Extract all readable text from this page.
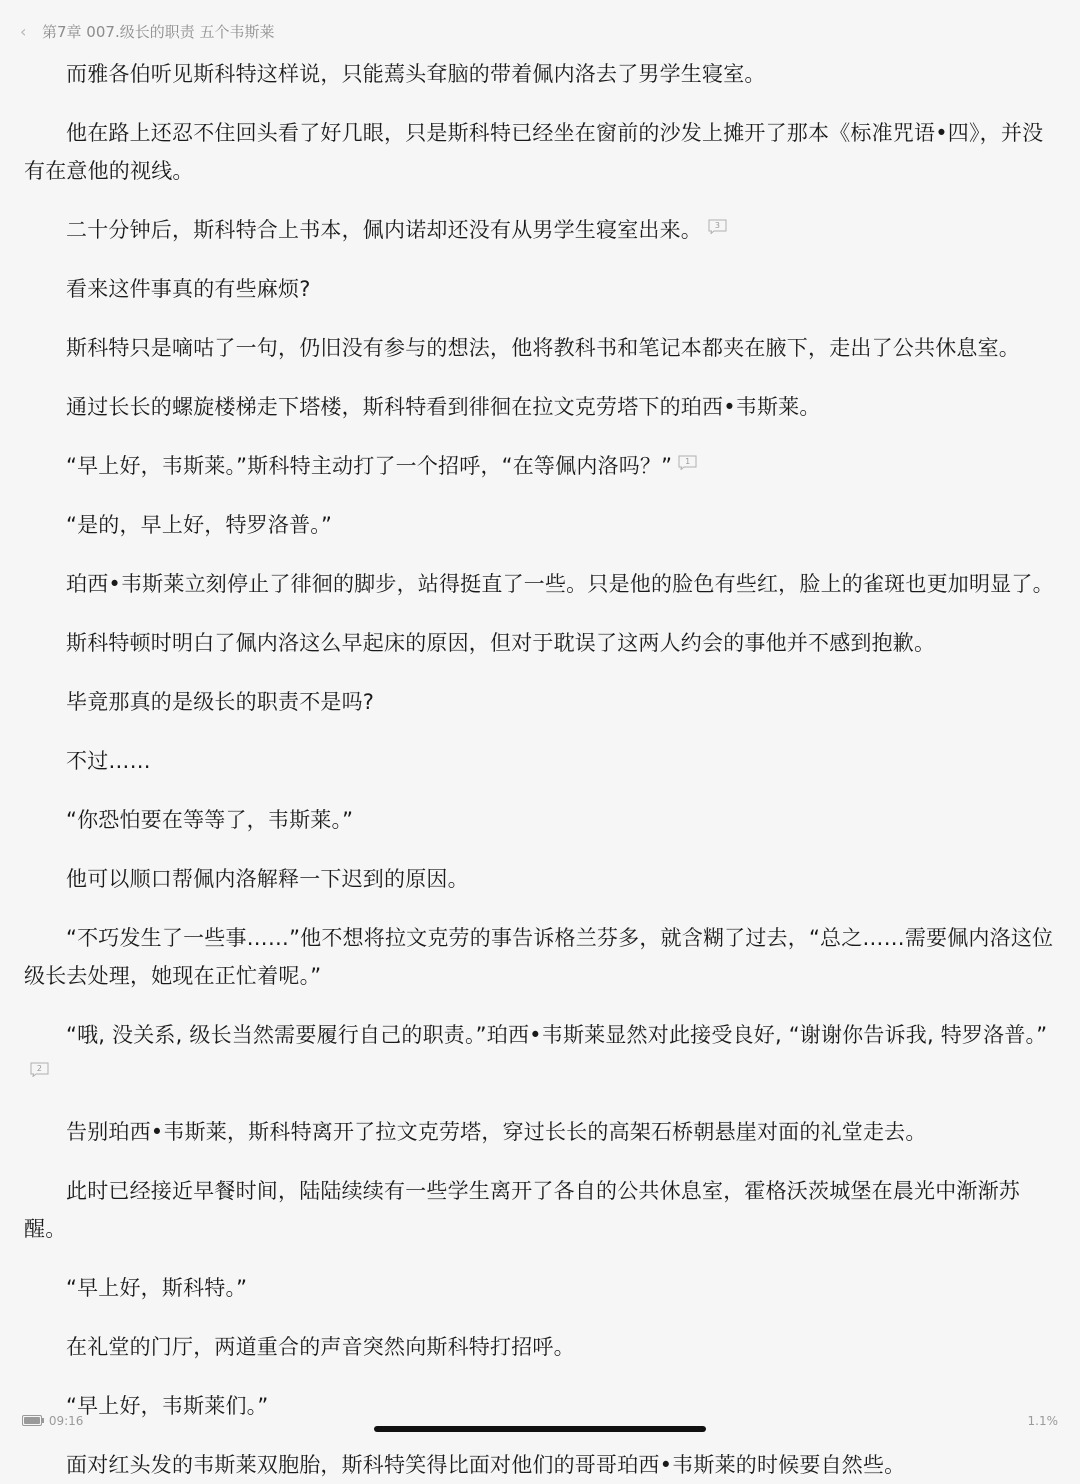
‹	第7章 007.级长的职责 五个韦斯莱

而雅各伯听见斯科特这样说，只能蔫头耷脑的带着佩内洛去了男学生寝室。

他在路上还忍不住回头看了好几眼，只是斯科特已经坐在窗前的沙发上摊开了那本《标准咒语•四》，并没有在意他的视线。

二十分钟后，斯科特合上书本，佩内诺却还没有从男学生寝室出来。	3

看来这件事真的有些麻烦?

斯科特只是嘀咕了一句，仍旧没有参与的想法，他将教科书和笔记本都夹在腋下，走出了公共休息室。

通过长长的螺旋楼梯走下塔楼，斯科特看到徘徊在拉文克劳塔下的珀西•韦斯莱。

“早上好，韦斯莱。”斯科特主动打了一个招呼，“在等佩内洛吗？”	1

“是的，早上好，特罗洛普。”

珀西•韦斯莱立刻停止了徘徊的脚步，站得挺直了一些。只是他的脸色有些红，脸上的雀斑也更加明显了。

斯科特顿时明白了佩内洛这么早起床的原因，但对于耽误了这两人约会的事他并不感到抱歉。

毕竟那真的是级长的职责不是吗?

不过……

“你恐怕要在等等了，韦斯莱。”

他可以顺口帮佩内洛解释一下迟到的原因。

“不巧发生了一些事……”他不想将拉文克劳的事告诉格兰芬多，就含糊了过去，“总之……需要佩内洛这位级长去处理，她现在正忙着呢。”

“哦, 没关系, 级长当然需要履行自己的职责。”珀西•韦斯莱显然对此接受良好, “谢谢你告诉我, 特罗洛普。”
2

告别珀西•韦斯莱，斯科特离开了拉文克劳塔，穿过长长的高架石桥朝悬崖对面的礼堂走去。

此时已经接近早餐时间，陆陆续续有一些学生离开了各自的公共休息室，霍格沃茨城堡在晨光中渐渐苏醒。

“早上好，斯科特。”

在礼堂的门厅，两道重合的声音突然向斯科特打招呼。

“早上好，韦斯莱们。”

面对红头发的韦斯莱双胞胎，斯科特笑得比面对他们的哥哥珀西•韦斯莱的时候要自然些。

09:16	1.1%
